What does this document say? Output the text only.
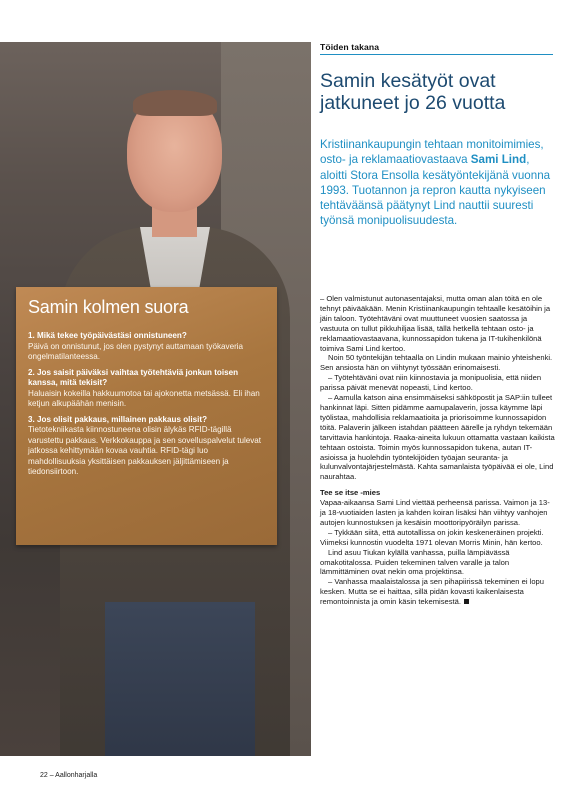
Samin kolmen suora
1. Mikä tekee työpäivästäsi onnistuneen?
Päivä on onnistunut, jos olen pystynyt auttamaan työkaveria ongelmatilanteessa.
2. Jos saisit päiväksi vaihtaa työtehtäviä jonkun toisen kanssa, mitä tekisit?
Haluaisin kokeilla hakkuumotoa tai ajokonetta metsässä. Eli ihan ketjun alkupäähän menisin.
3. Jos olisit pakkaus, millainen pakkaus olisit?
Tietotekniikasta kiinnostuneena olisin älykäs RFID-tägillä varustettu pakkaus. Verkkokauppa ja sen sovelluspalvelut tulevat jatkossa kehittymään kovaa vauhtia. RFID-tägi luo mahdollisuuksia yksittäisen pakkauksen jäljittämiseen ja tiedonsiirtoon.
Töiden takana
Samin kesätyöt ovat jatkuneet jo 26 vuotta
Kristiinankaupungin tehtaan monitoimimies, osto- ja reklamaatiovastaava Sami Lind, aloitti Stora Ensolla kesätyöntekijänä vuonna 1993. Tuotannon ja repron kautta nykyiseen tehtäväänsä päätynyt Lind nauttii suuresti työnsä monipuolisuudesta.

– Olen valmistunut autonasentajaksi, mutta oman alan töitä en ole tehnyt päivääkään. Menin Kristiinankaupungin tehtaalle kesätöihin ja jäin taloon. Työtehtäväni ovat muuttuneet vuosien saatossa ja vastuuta on tullut pikkuhiljaa lisää, tällä hetkellä tehtaan osto- ja reklamaatiovastaavana, kunnossapidon tukena ja IT-tukihenkilönä toimiva Sami Lind kertoo.

Noin 50 työntekijän tehtaalla on Lindin mukaan mainio yhteishenki. Sen ansiosta hän on viihtynyt työssään erinomaisesti.

– Työtehtäväni ovat niin kiinnostavia ja monipuolisia, että niiden parissa päivät menevät nopeasti, Lind kertoo.

– Aamulla katson aina ensimmäiseksi sähköpostit ja SAP:iin tulleet hankinnat läpi. Sitten pidämme aamupalaverin, jossa käymme läpi työlistaa, mahdollisia reklamaatioita ja priorisoimme kunnossapidon töitä. Palaverin jälkeen istahdan päätteen äärelle ja ryhdyn tekemään tarvittavia hankintoja. Raaka-aineita lukuun ottamatta vastaan kaikista tehtaan ostoista. Toimin myös kunnossapidon tukena, autan IT-asioissa ja huolehdin työntekijöiden työajan seuranta- ja kulunvalvontajärjestelmästä. Kahta samanlaista työpäivää ei ole, Lind naurahtaa.

Tee se itse -mies

Vapaa-aikaansa Sami Lind viettää perheensä parissa. Vaimon ja 13- ja 18-vuotiaiden lasten ja kahden koiran lisäksi hän viihtyy vanhojen autojen kunnostuksen ja kesäisin moottoripyöräilyn parissa.

– Tykkään siitä, että autotallissa on jokin keskeneräinen projekti. Viimeksi kunnostin vuodelta 1971 olevan Morris Minin, hän kertoo.

Lind asuu Tiukan kylällä vanhassa, puilla lämpiävässä omakotitalossa. Puiden tekeminen talven varalle ja talon lämmittäminen ovat nekin oma projektinsa.

– Vanhassa maalaistalossa ja sen pihapiirissä tekeminen ei lopu kesken. Mutta se ei haittaa, sillä pidän kovasti kaikenlaisesta remontoinnista ja omin käsin tekemisestä.

22 – Aallonharjalla
